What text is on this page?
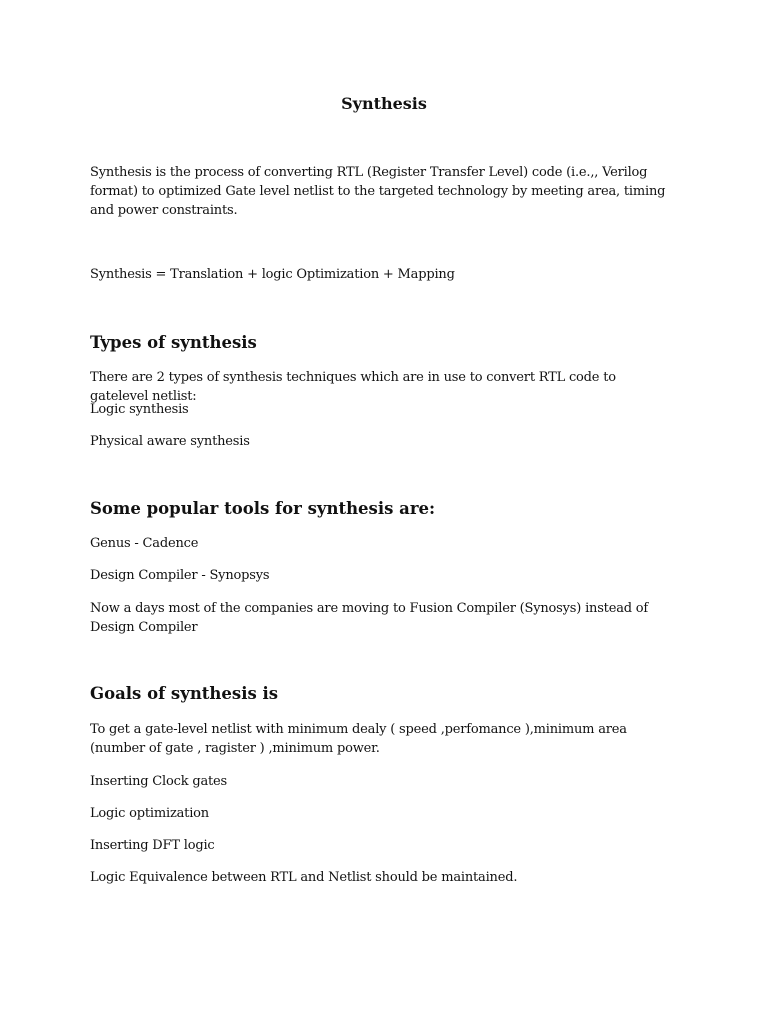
Synthesis

Synthesis is the process of converting RTL (Register Transfer Level) code (i.e.,, Verilog format) to optimized Gate level netlist to the targeted technology by meeting area, timing and power constraints.

Synthesis = Translation + logic Optimization + Mapping

Types of synthesis

There are 2 types of synthesis techniques which are in use to convert RTL code to gatelevel netlist:

Logic synthesis

Physical aware synthesis

Some popular tools for synthesis are:

Genus - Cadence

Design Compiler - Synopsys

Now a days most of the companies are moving to Fusion Compiler (Synosys) instead of Design Compiler

Goals of synthesis is

To get a gate-level netlist with minimum dealy ( speed ,perfomance ),minimum area (number of gate , ragister ) ,minimum power.

Inserting Clock gates

Logic optimization

Inserting DFT logic

Logic Equivalence between RTL and Netlist should be maintained.
